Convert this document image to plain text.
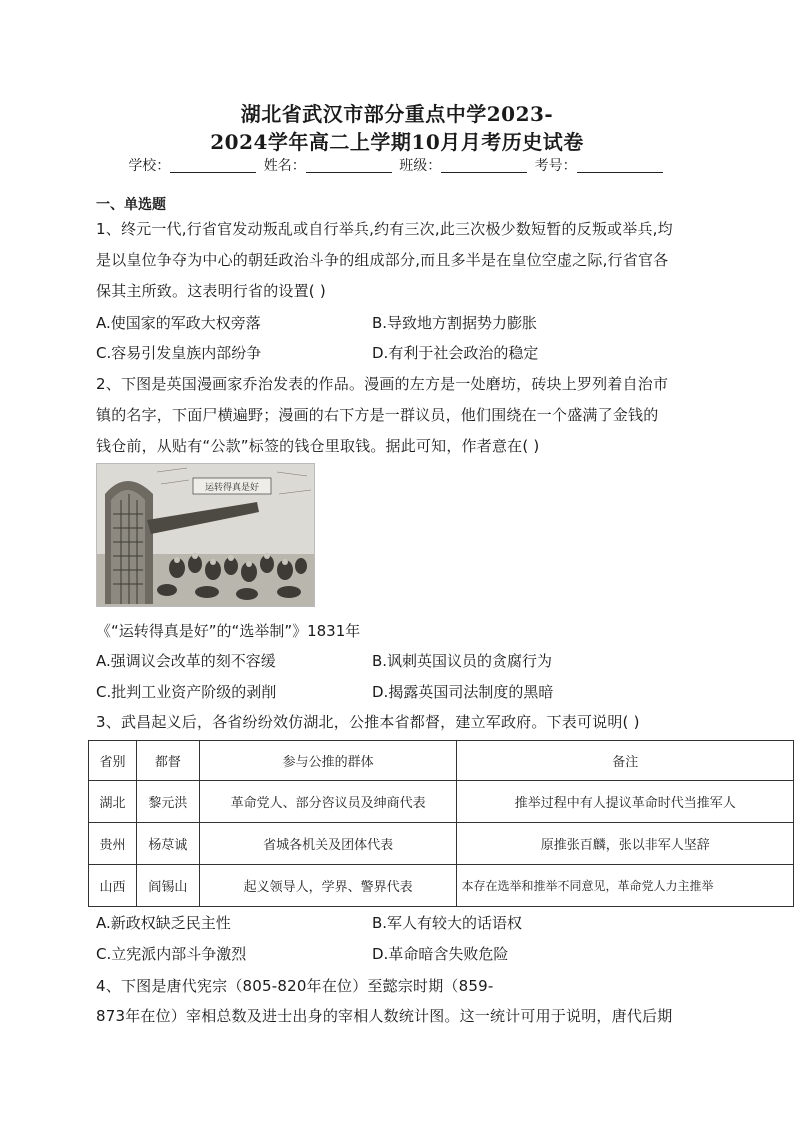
湖北省武汉市部分重点中学2023-
2024学年高二上学期10月月考历史试卷
学校：	姓名：	班级：	考号：
一、单选题
1、终元一代,行省官发动叛乱或自行举兵,约有三次,此三次极少数短暂的反叛或举兵,均
是以皇位争夺为中心的朝廷政治斗争的组成部分,而且多半是在皇位空虚之际,行省官各
保其主所致。这表明行省的设置( )
A.使国家的军政大权旁落	B.导致地方割据势力膨胀
C.容易引发皇族内部纷争	D.有利于社会政治的稳定
2、下图是英国漫画家乔治发表的作品。漫画的左方是一处磨坊，砖块上罗列着自治市
镇的名字，下面尸横遍野；漫画的右下方是一群议员，他们围绕在一个盛满了金钱的
钱仓前，从贴有“公款”标签的钱仓里取钱。据此可知，作者意在( )
运转得真是好
《“运转得真是好”的“选举制”》1831年
A.强调议会改革的刻不容缓	B.讽刺英国议员的贪腐行为
C.批判工业资产阶级的剥削	D.揭露英国司法制度的黑暗
3、武昌起义后，各省纷纷效仿湖北，公推本省都督，建立军政府。下表可说明( )
省别	都督	参与公推的群体	备注
湖北	黎元洪	革命党人、部分咨议员及绅商代表	推举过程中有人提议革命时代当推军人
贵州	杨荩诚	省城各机关及团体代表	原推张百麟，张以非军人坚辞
山西	阎锡山	起义领导人，学界、警界代表	本存在选举和推举不同意见，革命党人力主推举
A.新政权缺乏民主性	B.军人有较大的话语权
C.立宪派内部斗争激烈	D.革命暗含失败危险
4、下图是唐代宪宗（805-820年在位）至懿宗时期（859-
873年在位）宰相总数及进士出身的宰相人数统计图。这一统计可用于说明，唐代后期
